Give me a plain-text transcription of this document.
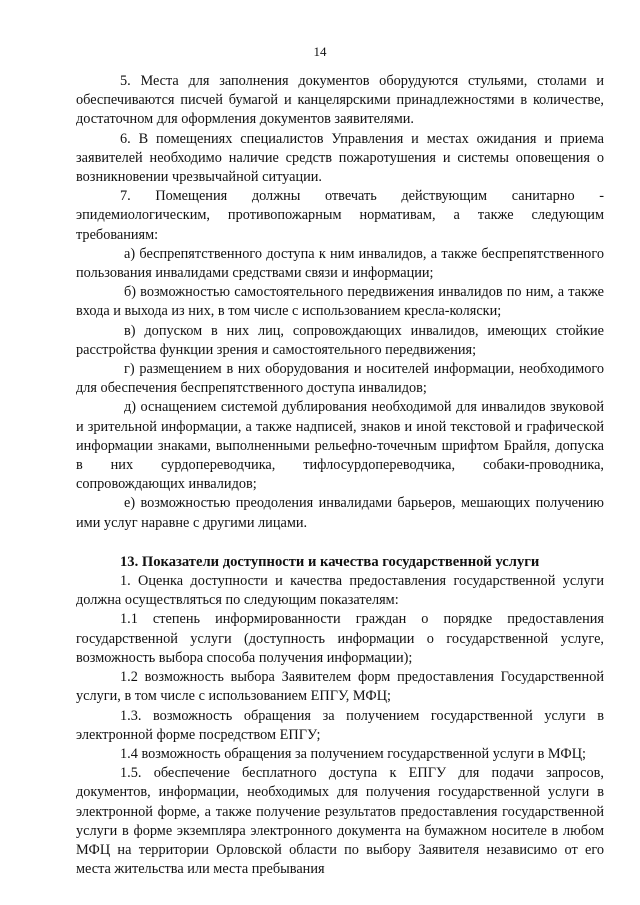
14

5. Места для заполнения документов оборудуются стульями, столами и обеспечиваются писчей бумагой и канцелярскими принадлежностями в количестве, достаточном для оформления документов заявителями.

6. В помещениях специалистов Управления и местах ожидания и приема заявителей необходимо наличие средств пожаротушения и системы оповещения о возникновении чрезвычайной ситуации.

7. Помещения должны отвечать действующим санитарно - эпидемиологическим, противопожарным нормативам, а также следующим требованиям:

а) беспрепятственного доступа к ним инвалидов, а также беспрепятственного пользования инвалидами средствами связи и информации;

б) возможностью самостоятельного передвижения инвалидов по ним, а также входа и выхода из них, в том числе с использованием кресла-коляски;

в) допуском в них лиц, сопровождающих инвалидов, имеющих стойкие расстройства функции зрения и самостоятельного передвижения;

г) размещением в них оборудования и носителей информации, необходимого для обеспечения беспрепятственного доступа инвалидов;

д) оснащением системой дублирования необходимой для инвалидов звуковой и зрительной информации, а также надписей, знаков и иной текстовой и графической информации знаками, выполненными рельефно-точечным шрифтом Брайля, допуска в них сурдопереводчика, тифлосурдопереводчика, собаки-проводника, сопровождающих инвалидов;

е) возможностью преодоления инвалидами барьеров, мешающих получению ими услуг наравне с другими лицами.

13. Показатели доступности и качества государственной услуги

1. Оценка доступности и качества предоставления государственной услуги должна осуществляться по следующим показателям:

1.1 степень информированности граждан о порядке предоставления государственной услуги (доступность информации о государственной услуге, возможность выбора способа получения информации);

1.2 возможность выбора Заявителем форм предоставления Государственной услуги, в том числе с использованием ЕПГУ, МФЦ;

1.3. возможность обращения за получением государственной услуги в электронной форме посредством ЕПГУ;

1.4 возможность обращения за получением государственной услуги в МФЦ;

1.5. обеспечение бесплатного доступа к ЕПГУ для подачи запросов, документов, информации, необходимых для получения государственной услуги в электронной форме, а также получение результатов предоставления государственной услуги в форме экземпляра электронного документа на бумажном носителе в любом МФЦ на территории Орловской области по выбору Заявителя независимо от его места жительства или места пребывания
